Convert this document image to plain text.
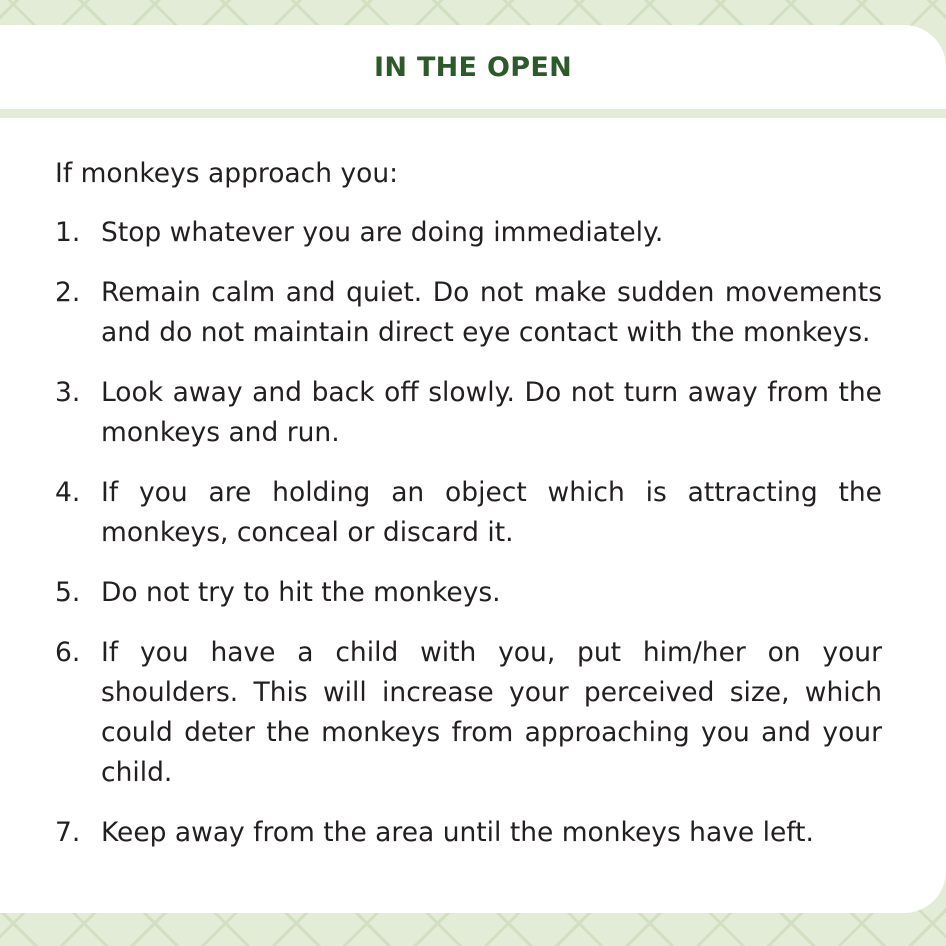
IN THE OPEN

If monkeys approach you:

1. Stop whatever you are doing immediately.
2. Remain calm and quiet. Do not make sudden movements and do not maintain direct eye contact with the monkeys.
3. Look away and back off slowly. Do not turn away from the monkeys and run.
4. If you are holding an object which is attracting the monkeys, conceal or discard it.
5. Do not try to hit the monkeys.
6. If you have a child with you, put him/her on your shoulders. This will increase your perceived size, which could deter the monkeys from approaching you and your child.
7. Keep away from the area until the monkeys have left.
